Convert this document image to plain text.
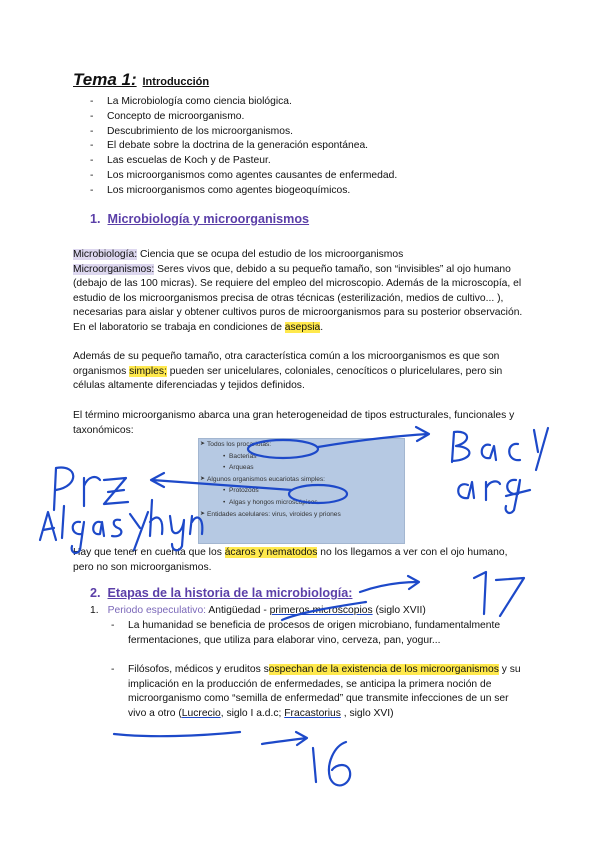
Tema 1: Introducción
- La Microbiología como ciencia biológica.
- Concepto de microorganismo.
- Descubrimiento de los microorganismos.
- El debate sobre la doctrina de la generación espontánea.
- Las escuelas de Koch y de Pasteur.
- Los microorganismos como agentes causantes de enfermedad.
- Los microorganismos como agentes biogeoquímicos.
1. Microbiología y microorganismos
Microbiología: Ciencia que se ocupa del estudio de los microorganismos
Microorganismos: Seres vivos que, debido a su pequeño tamaño, son “invisibles” al ojo humano (debajo de las 100 micras). Se requiere del empleo del microscopio. Además de la microscopía, el estudio de los microorganismos precisa de otras técnicas (esterilización, medios de cultivo... ), necesarias para aislar y obtener cultivos puros de microorganismos para su posterior observación. En el laboratorio se trabaja en condiciones de asepsia.
Además de su pequeño tamaño, otra característica común a los microorganismos es que son organismos simples; pueden ser unicelulares, coloniales, cenocíticos o pluricelulares, pero sin células altamente diferenciadas y tejidos definidos.
El término microorganismo abarca una gran heterogeneidad de tipos estructurales, funcionales y taxonómicos:
➤ Todos los procariotas:
• Bacterias
• Arqueas
➤ Algunos organismos eucariotas simples:
• Protozoos
• Algas y hongos microscópicos
➤ Entidades acelulares: virus, viroides y priones
Hay que tener en cuenta que los ácaros y nematodos no los llegamos a ver con el ojo humano, pero no son microorganismos.
2. Etapas de la historia de la microbiología:
1. Periodo especulativo: Antigüedad - primeros microscopios (siglo XVII)
- La humanidad se beneficia de procesos de origen microbiano, fundamentalmente fermentaciones, que utiliza para elaborar vino, cerveza, pan, yogur...
- Filósofos, médicos y eruditos sospechan de la existencia de los microorganismos y su implicación en la producción de enfermedades, se anticipa la primera noción de microorganismo como “semilla de enfermedad” que transmite infecciones de un ser vivo a otro (Lucrecio, siglo I a.d.c; Fracastorius , siglo XVI)
